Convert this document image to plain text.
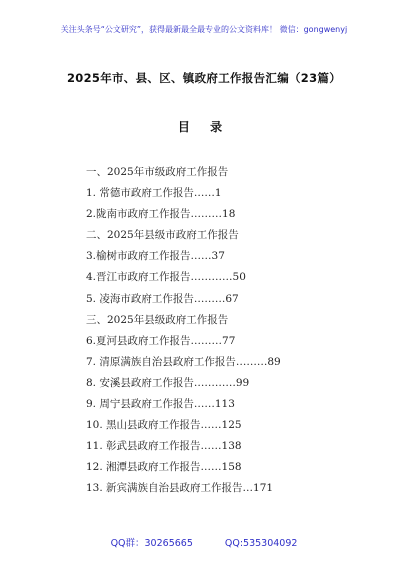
关注头条号“公文研究”，获得最新最全最专业的公文资料库！ 微信：gongwenyj
2025年市、县、区、镇政府工作报告汇编（23篇）
目 录
一、2025年市级政府工作报告
1. 常德市政府工作报告……1
2.陇南市政府工作报告………18
二、2025年县级市政府工作报告
3.榆树市政府工作报告……37
4.晋江市政府工作报告…………50
5. 凌海市政府工作报告………67
三、2025年县级政府工作报告
6.夏河县政府工作报告………77
7. 清原满族自治县政府工作报告………89
8. 安溪县政府工作报告…………99
9. 周宁县政府工作报告……113
10. 黑山县政府工作报告……125
11. 彰武县政府工作报告……138
12. 湘潭县政府工作报告……158
13. 新宾满族自治县政府工作报告…171
QQ群：30265665	QQ:535304092
